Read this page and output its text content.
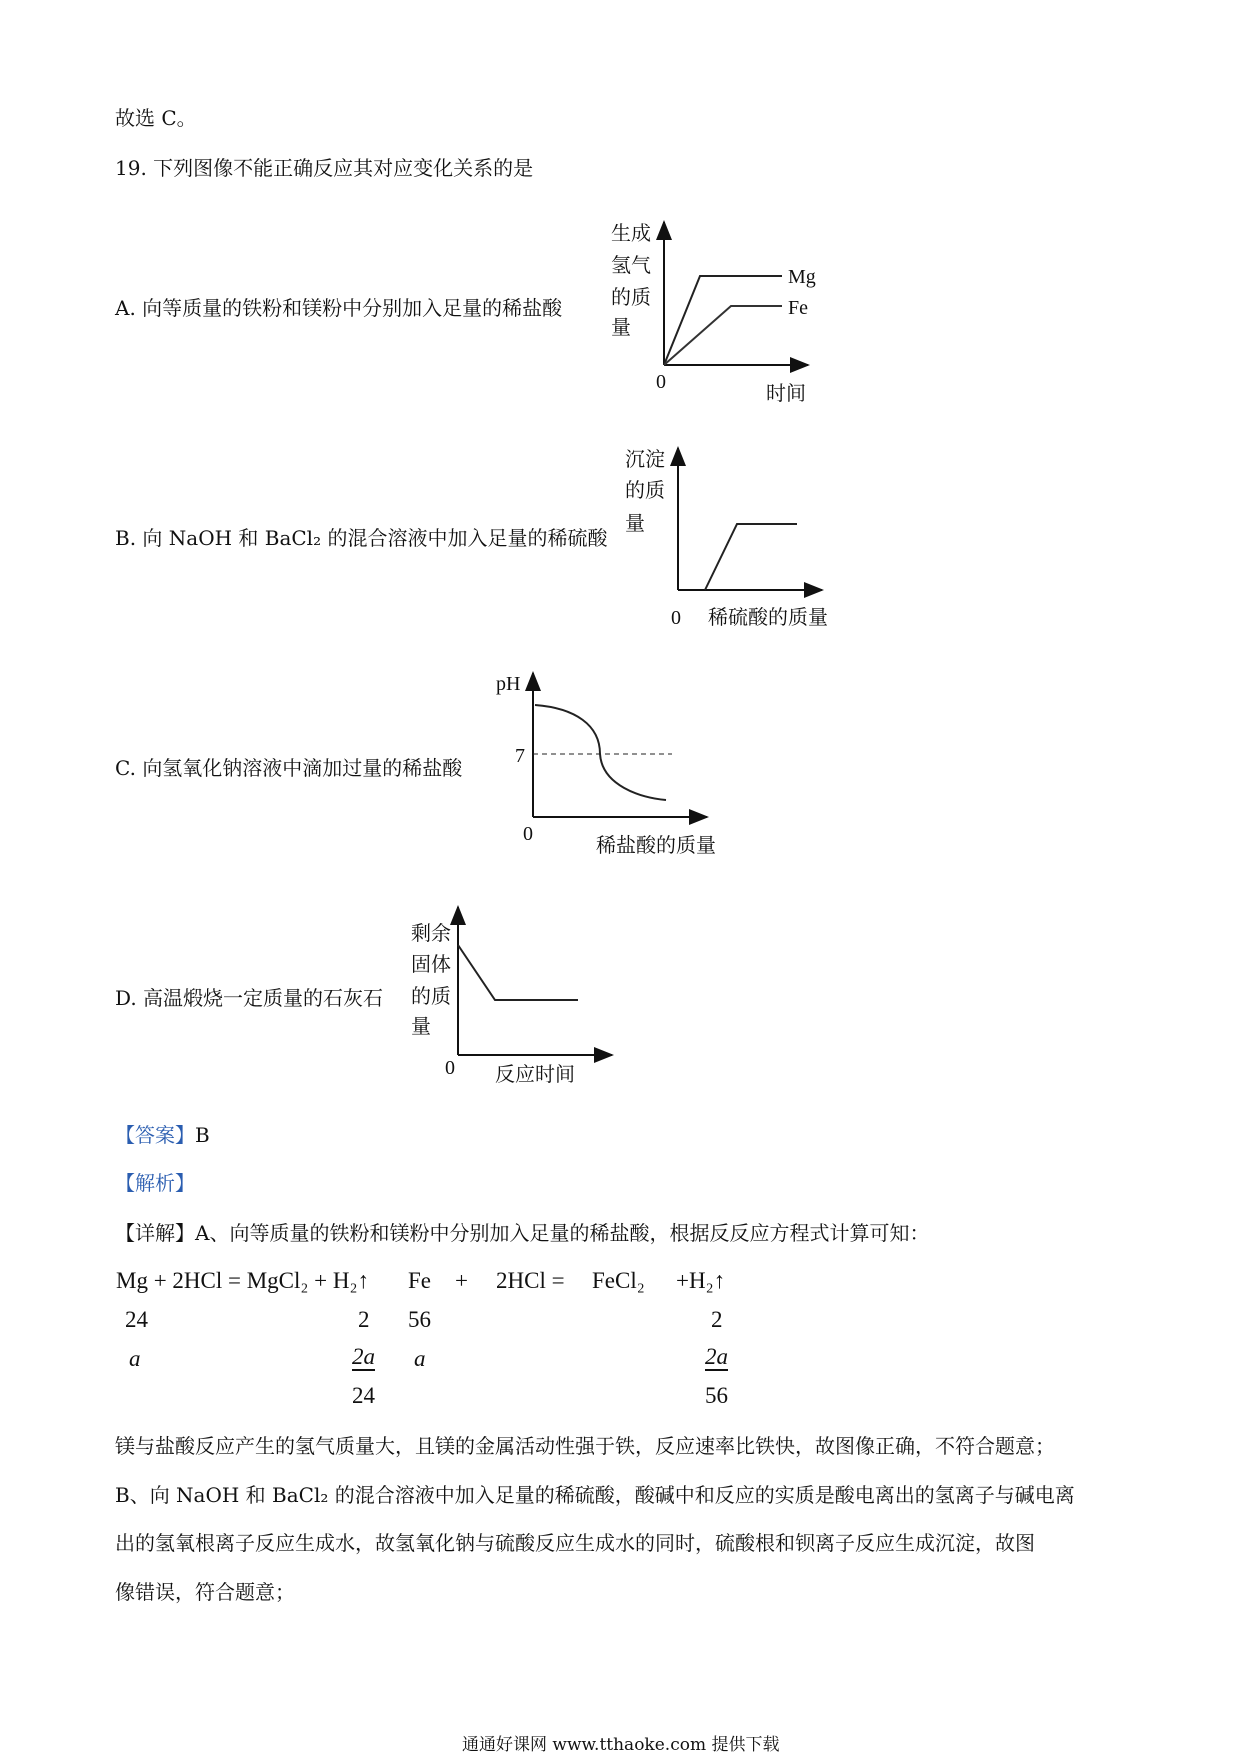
故选 C。
19. 下列图像不能正确反应其对应变化关系的是
A. 向等质量的铁粉和镁粉中分别加入足量的稀盐酸
B. 向 NaOH 和 BaCl₂ 的混合溶液中加入足量的稀硫酸
C. 向氢氧化钠溶液中滴加过量的稀盐酸
D. 高温煅烧一定质量的石灰石
Mg
Fe
生成
氢气
的质
量
0	时间
沉淀
的质
量
0 稀硫酸的质量
pH
7
0	稀盐酸的质量
剩余
固体
的质
量
0 反应时间
【答案】B
【解析】
【详解】A、向等质量的铁粉和镁粉中分别加入足量的稀盐酸，根据反反应方程式计算可知：
Mg + 2HCl = MgCl₂ + H₂↑
24	2
a	2a
24
Fe + 2HCl = FeCl₂ +H₂↑
56	2
a	2a
56
镁与盐酸反应产生的氢气质量大，且镁的金属活动性强于铁，反应速率比铁快，故图像正确，不符合题意；
B、向 NaOH 和 BaCl₂ 的混合溶液中加入足量的稀硫酸，酸碱中和反应的实质是酸电离出的氢离子与碱电离
出的氢氧根离子反应生成水，故氢氧化钠与硫酸反应生成水的同时，硫酸根和钡离子反应生成沉淀，故图
像错误，符合题意；
通通好课网 www.tthaoke.com 提供下载
